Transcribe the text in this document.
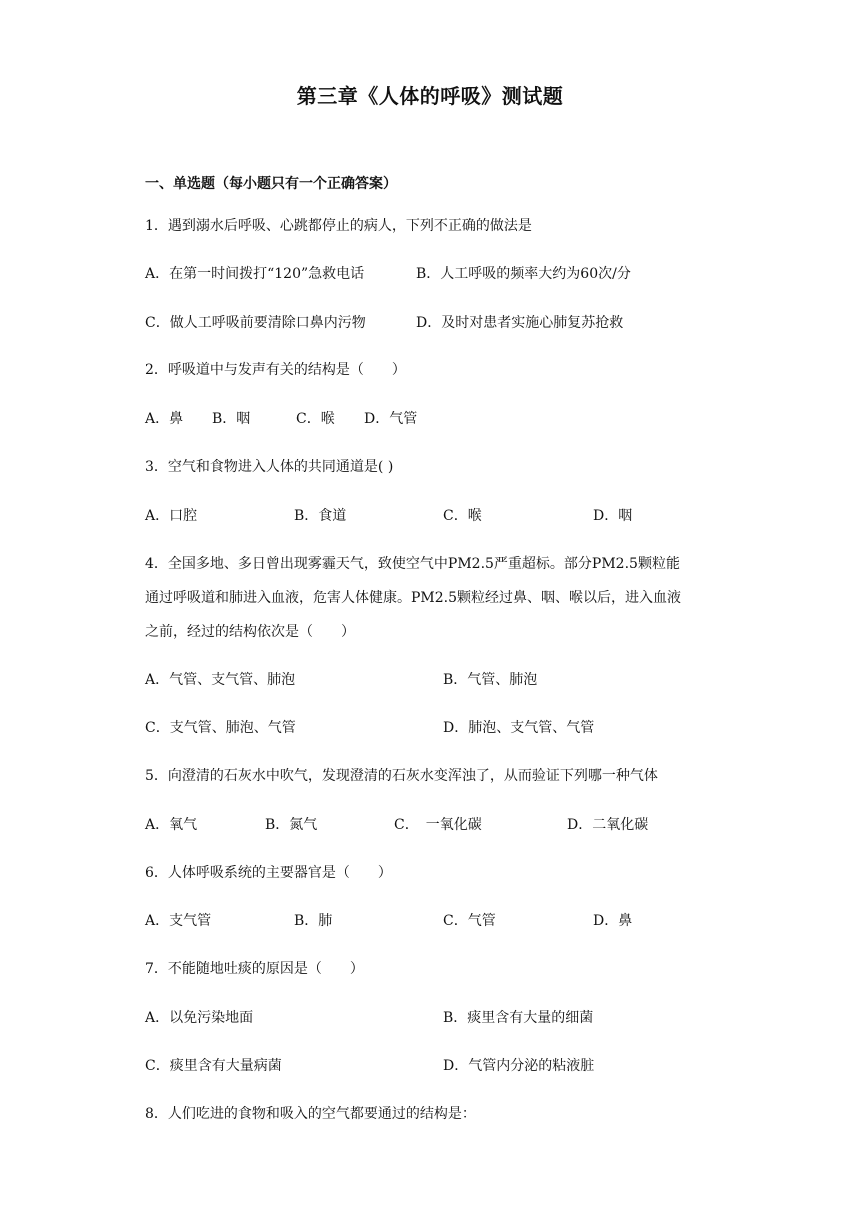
第三章《人体的呼吸》测试题
一、单选题（每小题只有一个正确答案）
1．遇到溺水后呼吸、心跳都停止的病人，下列不正确的做法是
A．在第一时间拨打“120”急救电话	B．人工呼吸的频率大约为60次/分
C．做人工呼吸前要清除口鼻内污物	D．及时对患者实施心肺复苏抢救
2．呼吸道中与发声有关的结构是（　　）
A．鼻 B．咽	C．喉 D．气管
3．空气和食物进入人体的共同通道是( )
A．口腔	B．食道	C．喉	D．咽
4．全国多地、多日曾出现雾霾天气，致使空气中PM2.5严重超标。部分PM2.5颗粒能
通过呼吸道和肺进入血液，危害人体健康。PM2.5颗粒经过鼻、咽、喉以后，进入血液
之前，经过的结构依次是（　　）
A．气管、支气管、肺泡	B．气管、肺泡
C．支气管、肺泡、气管	D．肺泡、支气管、气管
5．向澄清的石灰水中吹气，发现澄清的石灰水变浑浊了，从而验证下列哪一种气体
A．氧气	B．氮气	C．　一氧化碳	D．二氧化碳
6．人体呼吸系统的主要器官是（　　）
A．支气管	B．肺	C．气管	D．鼻
7．不能随地吐痰的原因是（　　）
A．以免污染地面	B．痰里含有大量的细菌
C．痰里含有大量病菌	D．气管内分泌的粘液脏
8．人们吃进的食物和吸入的空气都要通过的结构是：
